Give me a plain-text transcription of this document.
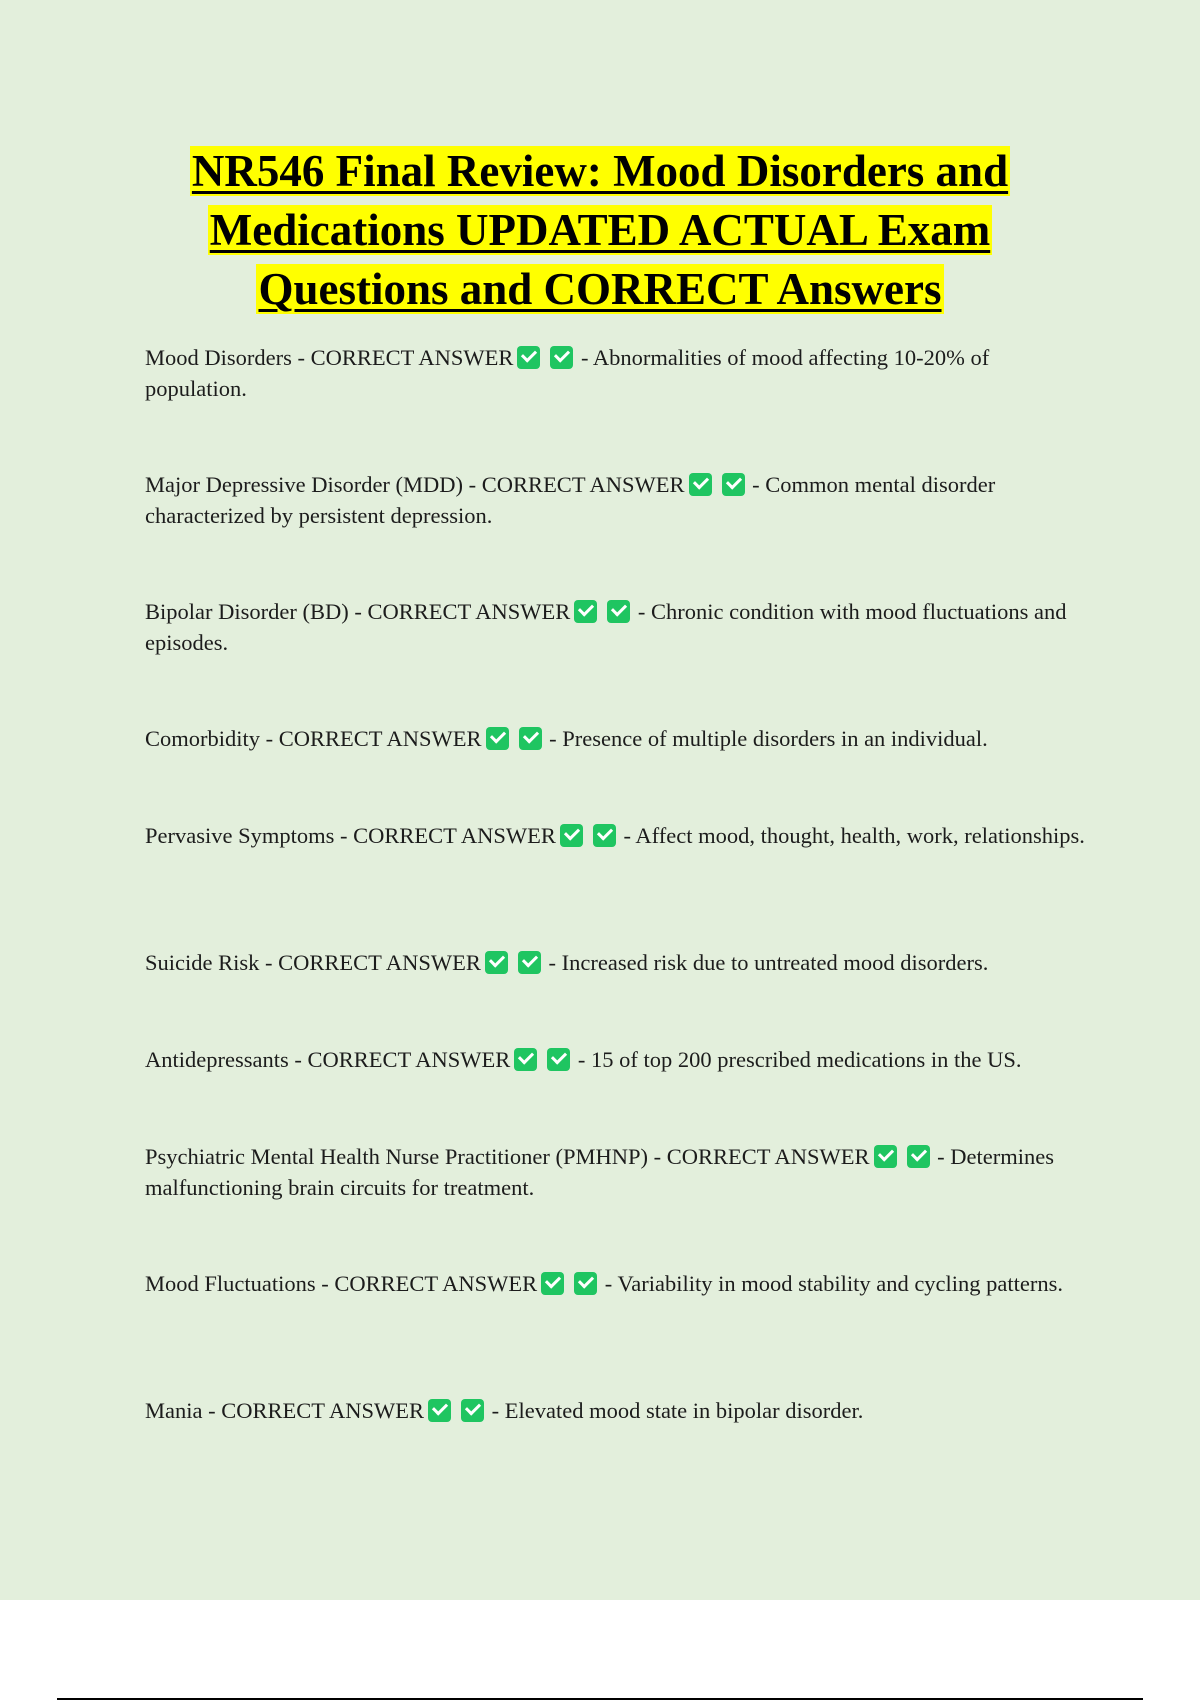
NR546 Final Review: Mood Disorders and
Medications UPDATED ACTUAL Exam
Questions and CORRECT Answers

Mood Disorders - CORRECT ANSWER	- Abnormalities of mood affecting 10-20% of population.

Major Depressive Disorder (MDD) - CORRECT ANSWER	- Common mental disorder characterized by persistent depression.

Bipolar Disorder (BD) - CORRECT ANSWER	- Chronic condition with mood fluctuations and episodes.

Comorbidity - CORRECT ANSWER	- Presence of multiple disorders in an individual.

Pervasive Symptoms - CORRECT ANSWER	- Affect mood, thought, health, work, relationships.

Suicide Risk - CORRECT ANSWER	- Increased risk due to untreated mood disorders.

Antidepressants - CORRECT ANSWER	- 15 of top 200 prescribed medications in the US.

Psychiatric Mental Health Nurse Practitioner (PMHNP) - CORRECT ANSWER	- Determines malfunctioning brain circuits for treatment.

Mood Fluctuations - CORRECT ANSWER	- Variability in mood stability and cycling patterns.

Mania - CORRECT ANSWER	- Elevated mood state in bipolar disorder.
